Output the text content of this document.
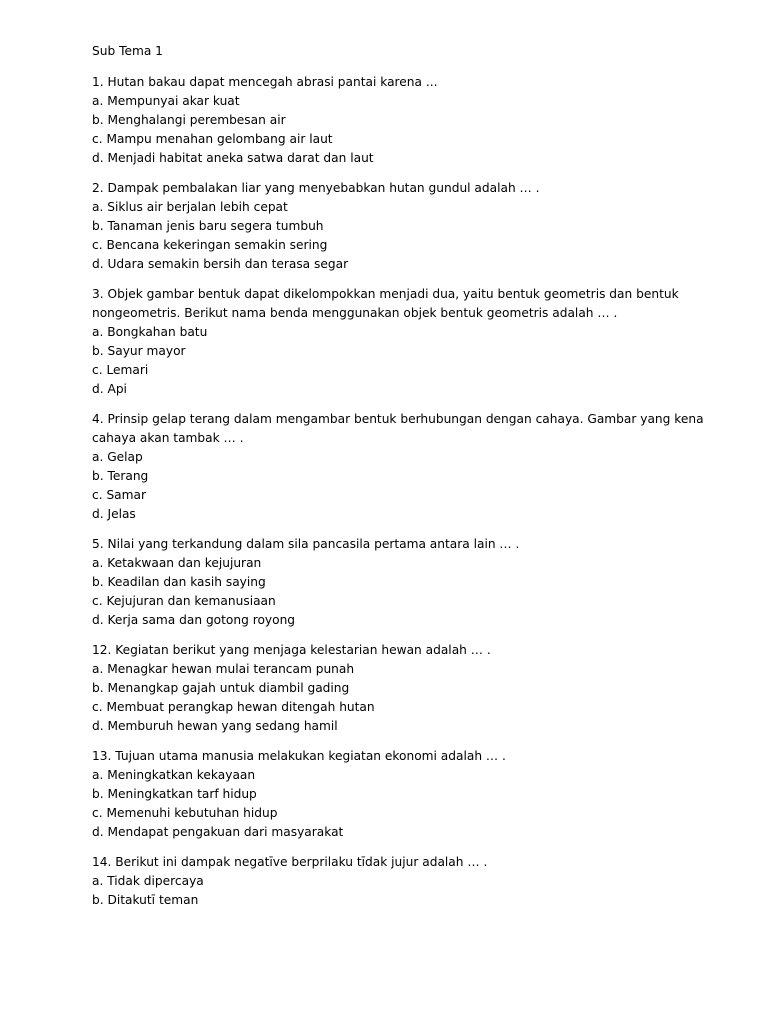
Sub Tema 1
1. Hutan bakau dapat mencegah abrasi pantai karena ...
a. Mempunyai akar kuat
b. Menghalangi perembesan air
c. Mampu menahan gelombang air laut
d. Menjadi habitat aneka satwa darat dan laut
2. Dampak pembalakan liar yang menyebabkan hutan gundul adalah … .
a. Siklus air berjalan lebih cepat
b. Tanaman jenis baru segera tumbuh
c. Bencana kekeringan semakin sering
d. Udara semakin bersih dan terasa segar
3. Objek gambar bentuk dapat dikelompokkan menjadi dua, yaitu bentuk geometris dan bentuk nongeometris. Berikut nama benda menggunakan objek bentuk geometris adalah … .
a. Bongkahan batu
b. Sayur mayor
c. Lemari
d. Api
4. Prinsip gelap terang dalam mengambar bentuk berhubungan dengan cahaya. Gambar yang kena cahaya akan tambak … .
a. Gelap
b. Terang
c. Samar
d. Jelas
5. Nilai yang terkandung dalam sila pancasila pertama antara lain … .
a. Ketakwaan dan kejujuran
b. Keadilan dan kasih saying
c. Kejujuran dan kemanusiaan
d. Kerja sama dan gotong royong
12. Kegiatan berikut yang menjaga kelestarian hewan adalah … .
a. Menagkar hewan mulai terancam punah
b. Menangkap gajah untuk diambil gading
c. Membuat perangkap hewan ditengah hutan
d. Memburuh hewan yang sedang hamil
13. Tujuan utama manusia melakukan kegiatan ekonomi adalah … .
a. Meningkatkan kekayaan
b. Meningkatkan tarf hidup
c. Memenuhi kebutuhan hidup
d. Mendapat pengakuan dari masyarakat
14. Berikut ini dampak negatīve berprilaku tīdak jujur adalah … .
a. Tidak dipercaya
b. Ditakutī teman
